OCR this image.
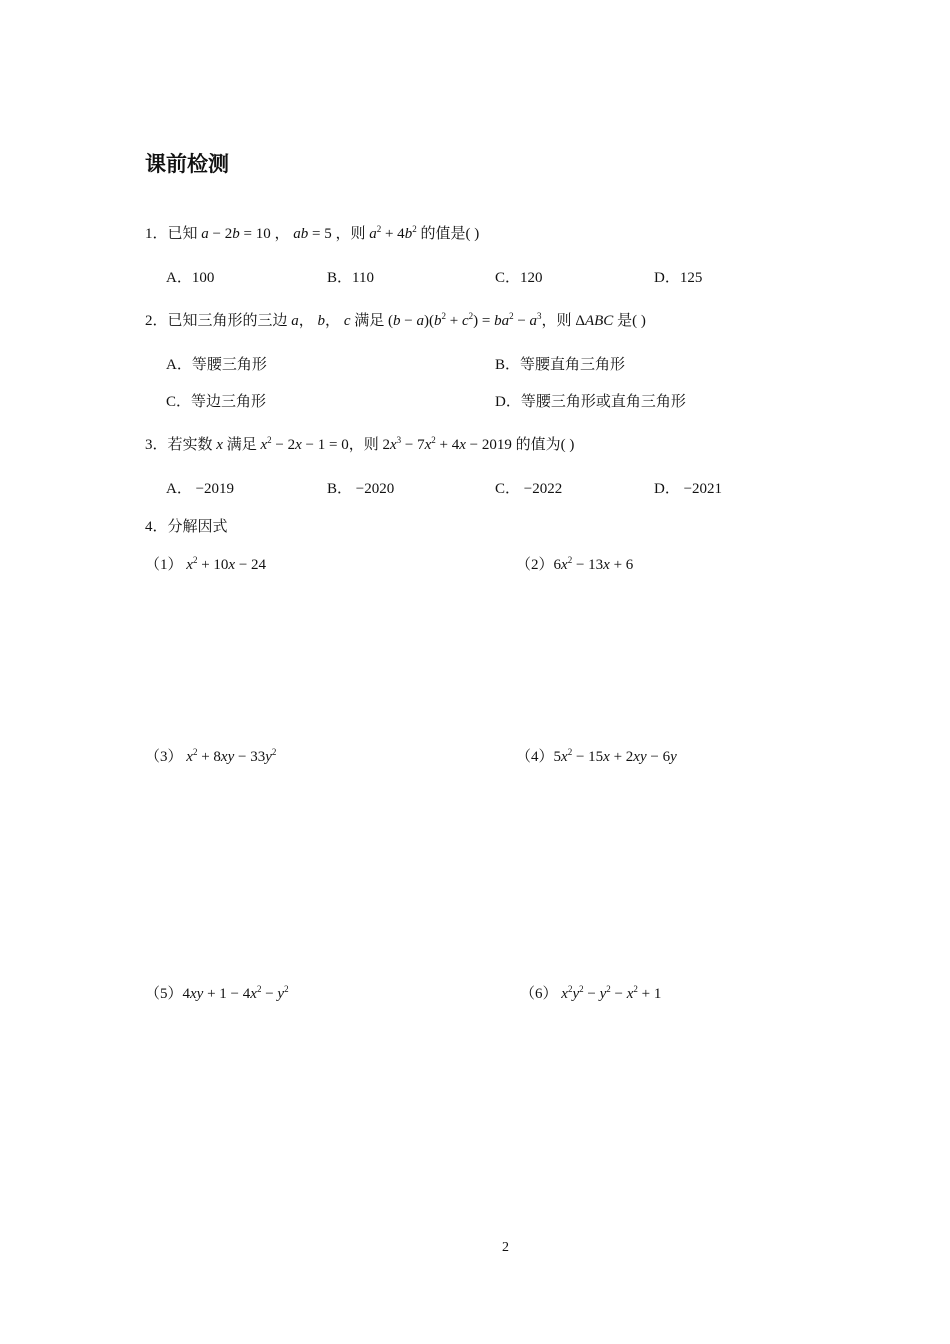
课前检测
1．已知 a − 2b = 10 ， ab = 5 ，则 $a^2 + 4b^2$ 的值是( )
A．100	B．110	C．120	D．125
2．已知三角形的三边 a， b， c 满足 $(b - a)(b^2 + c^2) = ba^2 - a^3$，则 ΔABC 是( )
A．等腰三角形	B．等腰直角三角形
C．等边三角形	D．等腰三角形或直角三角形
3．若实数 x 满足 $x^2 - 2x - 1 = 0$，则 $2x^3 - 7x^2 + 4x - 2019$ 的值为( )
A． −2019	B． −2020	C． −2022	D． −2021
4．分解因式
（1） $x^2 + 10x - 24$	$(2)6x^2 - 13x + 6$
（3） $x^2 + 8xy - 33y^2$	$(4)5x^2 - 15x + 2xy - 6y$
$(5)4xy + 1 - 4x^2 - y^2$	（6） $x^2y^2 - y^2 - x^2 + 1$
2
